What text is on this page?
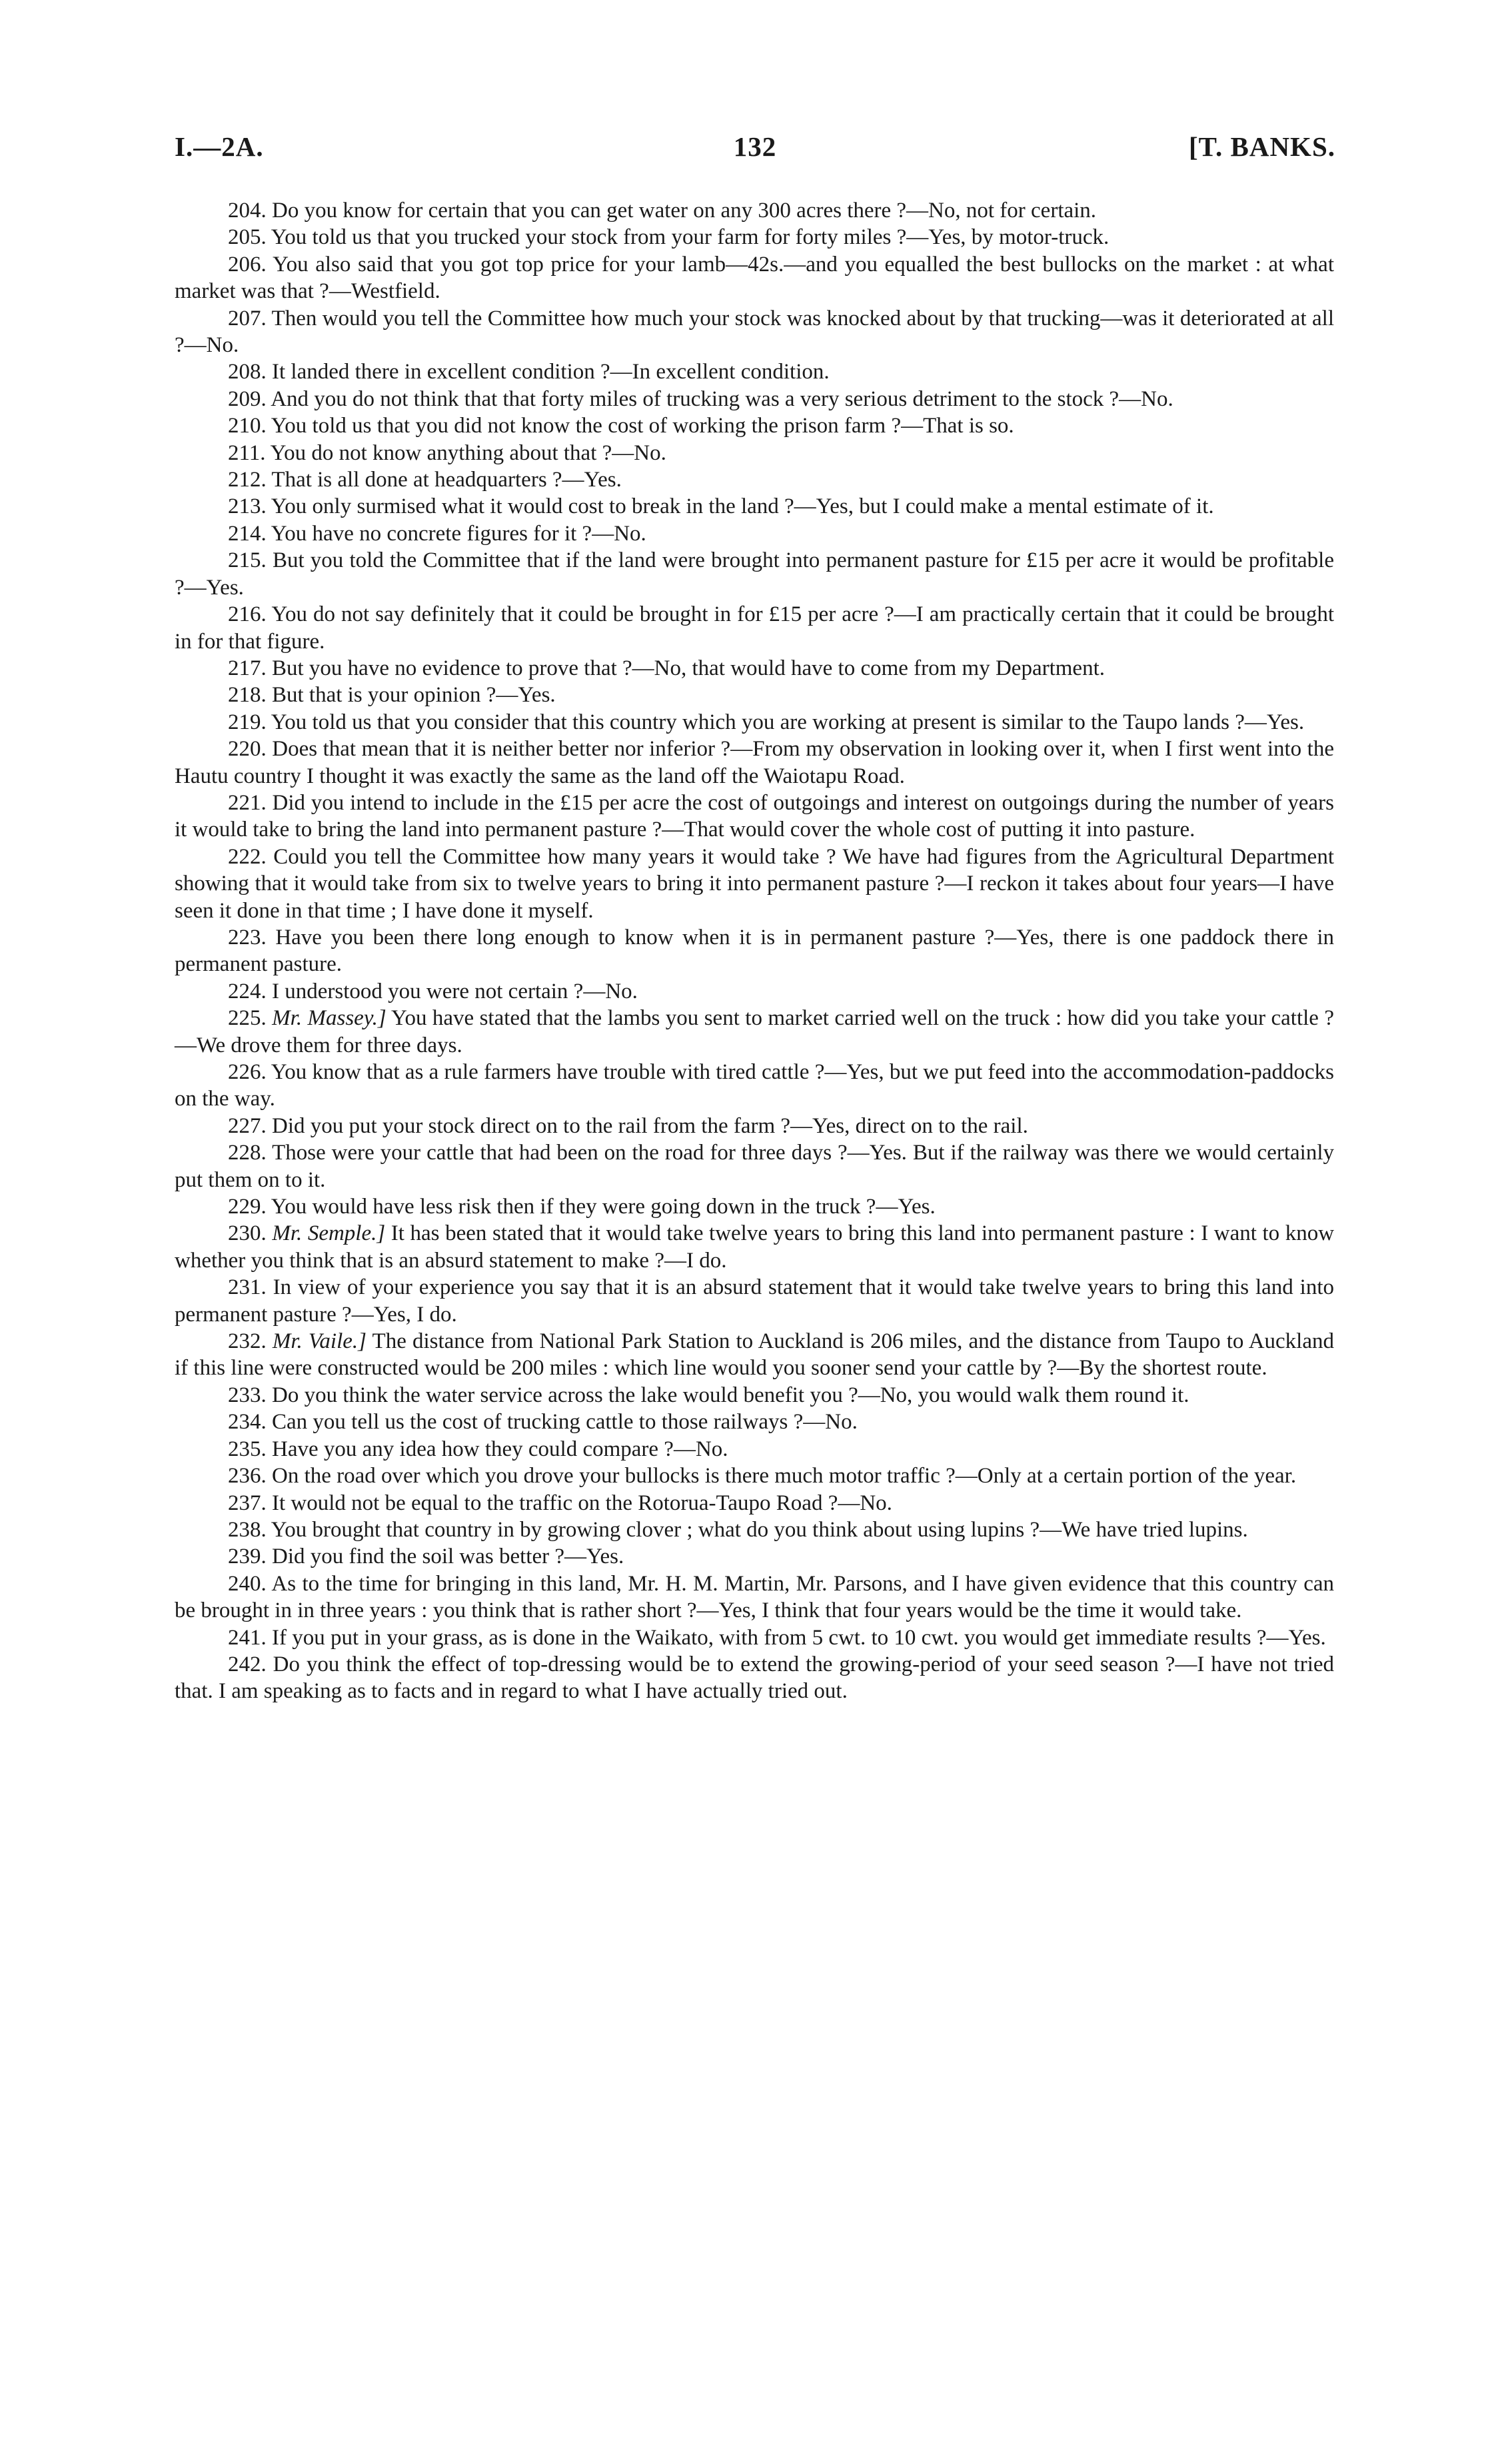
I.—2A.	132	[T. BANKS.

204. Do you know for certain that you can get water on any 300 acres there ?—No, not for certain.

205. You told us that you trucked your stock from your farm for forty miles ?—Yes, by motor-truck.

206. You also said that you got top price for your lamb—42s.—and you equalled the best bullocks on the market : at what market was that ?—Westfield.

207. Then would you tell the Committee how much your stock was knocked about by that trucking—was it deteriorated at all ?—No.

208. It landed there in excellent condition ?—In excellent condition.

209. And you do not think that that forty miles of trucking was a very serious detriment to the stock ?—No.

210. You told us that you did not know the cost of working the prison farm ?—That is so.

211. You do not know anything about that ?—No.

212. That is all done at headquarters ?—Yes.

213. You only surmised what it would cost to break in the land ?—Yes, but I could make a mental estimate of it.

214. You have no concrete figures for it ?—No.

215. But you told the Committee that if the land were brought into permanent pasture for £15 per acre it would be profitable ?—Yes.

216. You do not say definitely that it could be brought in for £15 per acre ?—I am practically certain that it could be brought in for that figure.

217. But you have no evidence to prove that ?—No, that would have to come from my Department.

218. But that is your opinion ?—Yes.

219. You told us that you consider that this country which you are working at present is similar to the Taupo lands ?—Yes.

220. Does that mean that it is neither better nor inferior ?—From my observation in looking over it, when I first went into the Hautu country I thought it was exactly the same as the land off the Waiotapu Road.

221. Did you intend to include in the £15 per acre the cost of outgoings and interest on outgoings during the number of years it would take to bring the land into permanent pasture ?—That would cover the whole cost of putting it into pasture.

222. Could you tell the Committee how many years it would take ? We have had figures from the Agricultural Department showing that it would take from six to twelve years to bring it into permanent pasture ?—I reckon it takes about four years—I have seen it done in that time ; I have done it myself.

223. Have you been there long enough to know when it is in permanent pasture ?—Yes, there is one paddock there in permanent pasture.

224. I understood you were not certain ?—No.

225. Mr. Massey.] You have stated that the lambs you sent to market carried well on the truck : how did you take your cattle ?—We drove them for three days.

226. You know that as a rule farmers have trouble with tired cattle ?—Yes, but we put feed into the accommodation-paddocks on the way.

227. Did you put your stock direct on to the rail from the farm ?—Yes, direct on to the rail.

228. Those were your cattle that had been on the road for three days ?—Yes. But if the railway was there we would certainly put them on to it.

229. You would have less risk then if they were going down in the truck ?—Yes.

230. Mr. Semple.] It has been stated that it would take twelve years to bring this land into permanent pasture : I want to know whether you think that is an absurd statement to make ?—I do.

231. In view of your experience you say that it is an absurd statement that it would take twelve years to bring this land into permanent pasture ?—Yes, I do.

232. Mr. Vaile.] The distance from National Park Station to Auckland is 206 miles, and the distance from Taupo to Auckland if this line were constructed would be 200 miles : which line would you sooner send your cattle by ?—By the shortest route.

233. Do you think the water service across the lake would benefit you ?—No, you would walk them round it.

234. Can you tell us the cost of trucking cattle to those railways ?—No.

235. Have you any idea how they could compare ?—No.

236. On the road over which you drove your bullocks is there much motor traffic ?—Only at a certain portion of the year.

237. It would not be equal to the traffic on the Rotorua-Taupo Road ?—No.

238. You brought that country in by growing clover ; what do you think about using lupins ?—We have tried lupins.

239. Did you find the soil was better ?—Yes.

240. As to the time for bringing in this land, Mr. H. M. Martin, Mr. Parsons, and I have given evidence that this country can be brought in in three years : you think that is rather short ?—Yes, I think that four years would be the time it would take.

241. If you put in your grass, as is done in the Waikato, with from 5 cwt. to 10 cwt. you would get immediate results ?—Yes.

242. Do you think the effect of top-dressing would be to extend the growing-period of your seed season ?—I have not tried that. I am speaking as to facts and in regard to what I have actually tried out.
